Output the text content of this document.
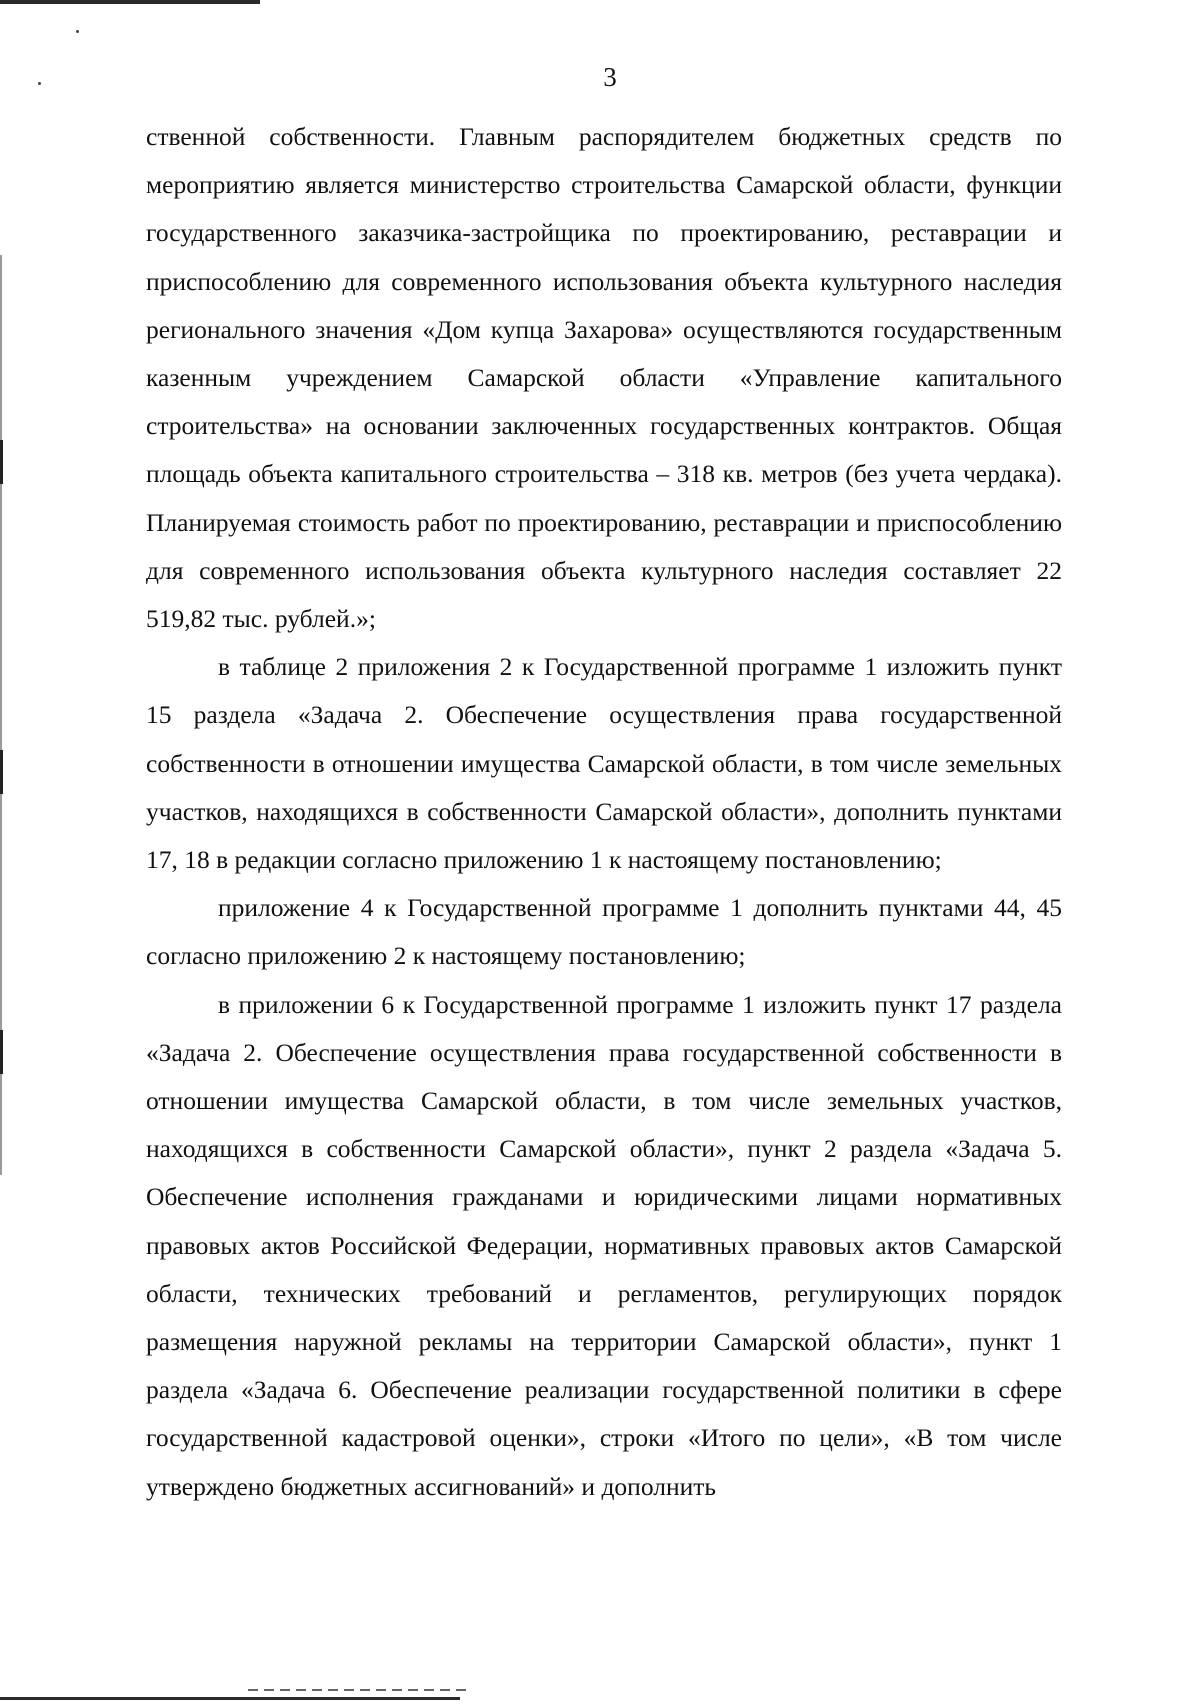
3

ственной собственности. Главным распорядителем бюджетных средств по мероприятию является министерство строительства Самарской области, функции государственного заказчика-застройщика по проектированию, реставрации и приспособлению для современного использования объекта культурного наследия регионального значения «Дом купца Захарова» осуществляются государственным казенным учреждением Самарской области «Управление капитального строительства» на основании заключенных государственных контрактов. Общая площадь объекта капитального строительства – 318 кв. метров (без учета чердака). Планируемая стоимость работ по проектированию, реставрации и приспособлению для современного использования объекта культурного наследия составляет 22 519,82 тыс. рублей.»;

в таблице 2 приложения 2 к Государственной программе 1 изложить пункт 15 раздела «Задача 2. Обеспечение осуществления права государственной собственности в отношении имущества Самарской области, в том числе земельных участков, находящихся в собственности Самарской области», дополнить пунктами 17, 18 в редакции согласно приложению 1 к настоящему постановлению;

приложение 4 к Государственной программе 1 дополнить пунктами 44, 45 согласно приложению 2 к настоящему постановлению;

в приложении 6 к Государственной программе 1 изложить пункт 17 раздела «Задача 2. Обеспечение осуществления права государственной собственности в отношении имущества Самарской области, в том числе земельных участков, находящихся в собственности Самарской области», пункт 2 раздела «Задача 5. Обеспечение исполнения гражданами и юридическими лицами нормативных правовых актов Российской Федерации, нормативных правовых актов Самарской области, технических требований и регламентов, регулирующих порядок размещения наружной рекламы на территории Самарской области», пункт 1 раздела «Задача 6. Обеспечение реализации государственной политики в сфере государственной кадастровой оценки», строки «Итого по цели», «В том числе утверждено бюджетных ассигнований» и дополнить
